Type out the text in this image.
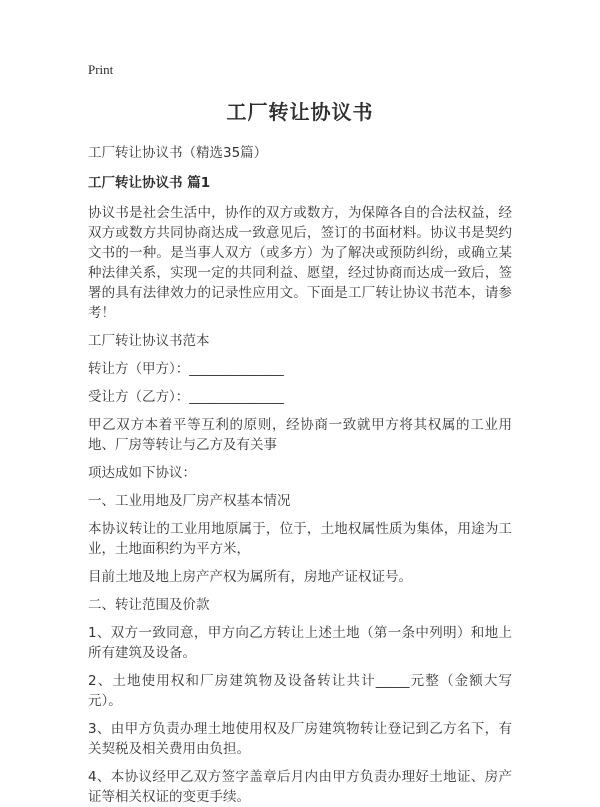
Print
工厂转让协议书
工厂转让协议书（精选35篇）
工厂转让协议书 篇1
协议书是社会生活中，协作的双方或数方，为保障各自的合法权益，经双方或数方共同协商达成一致意见后，签订的书面材料。协议书是契约文书的一种。是当事人双方（或多方）为了解决或预防纠纷，或确立某种法律关系，实现一定的共同利益、愿望，经过协商而达成一致后，签署的具有法律效力的记录性应用文。下面是工厂转让协议书范本，请参考！
工厂转让协议书范本
转让方（甲方）：______________
受让方（乙方）：______________
甲乙双方本着平等互利的原则，经协商一致就甲方将其权属的工业用地、厂房等转让与乙方及有关事
项达成如下协议：
一、工业用地及厂房产权基本情况
本协议转让的工业用地原属于，位于，土地权属性质为集体，用途为工业，土地面积约为平方米，
目前土地及地上房产产权为属所有，房地产证权证号。
二、转让范围及价款
1、双方一致同意，甲方向乙方转让上述土地（第一条中列明）和地上所有建筑及设备。
2、土地使用权和厂房建筑物及设备转让共计_____元整（金额大写元）。
3、由甲方负责办理土地使用权及厂房建筑物转让登记到乙方名下，有关契税及相关费用由负担。
4、本协议经甲乙双方签字盖章后月内由甲方负责办理好土地证、房产证等相关权证的变更手续。
